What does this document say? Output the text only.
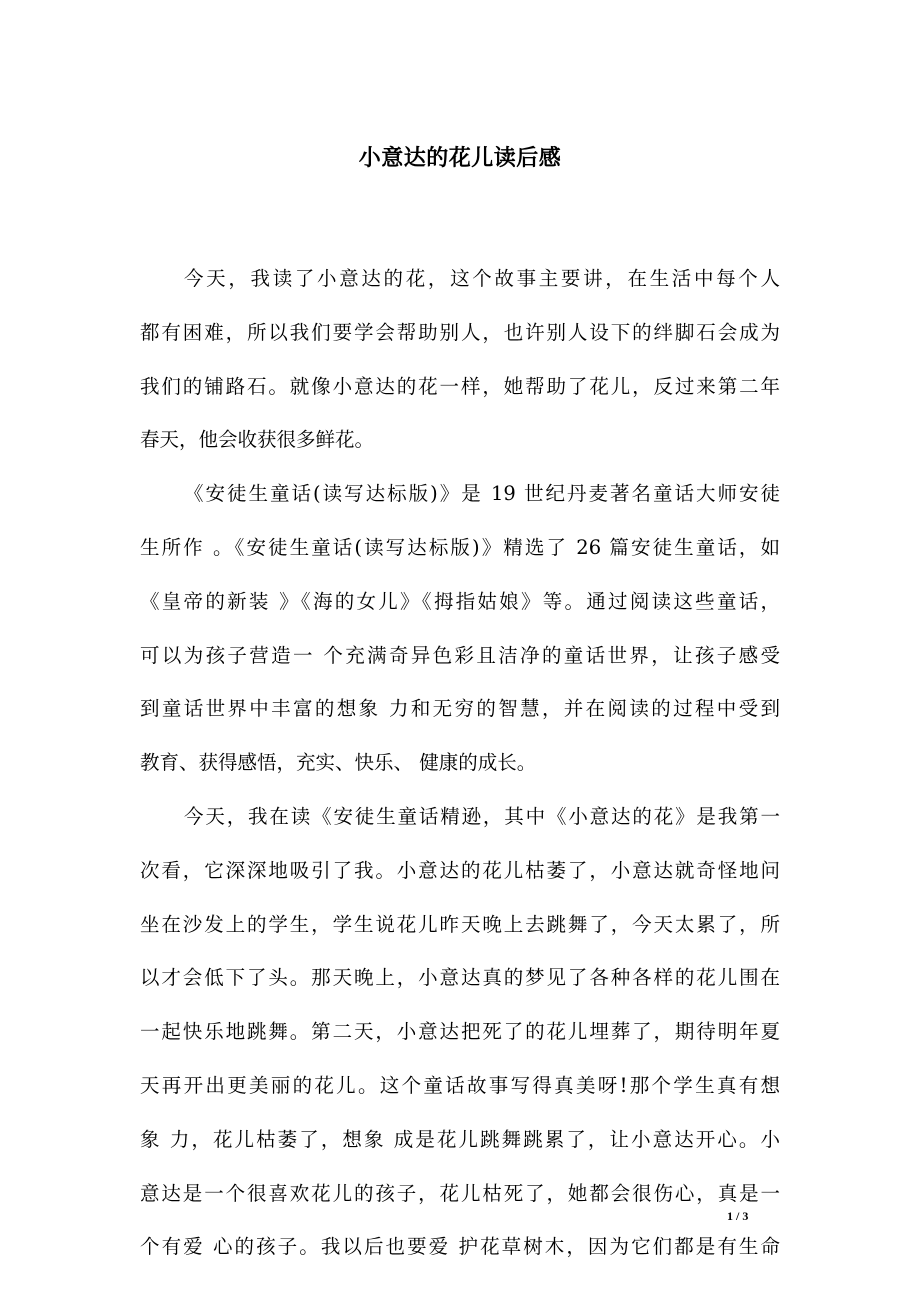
小意达的花儿读后感
今天，我读了小意达的花，这个故事主要讲，在生活中每个人
都有困难，所以我们要学会帮助别人，也许别人设下的绊脚石会成为
我们的铺路石。就像小意达的花一样，她帮助了花儿，反过来第二年
春天，他会收获很多鲜花。
《安徒生童话(读写达标版)》是 19 世纪丹麦著名童话大师安徒
生所作 。《安徒生童话(读写达标版)》精选了 26 篇安徒生童话，如
《皇帝的新装 》《海的女儿》《拇指姑娘》等。通过阅读这些童话，
可以为孩子营造一 个充满奇异色彩且洁净的童话世界，让孩子感受
到童话世界中丰富的想象 力和无穷的智慧，并在阅读的过程中受到
教育、获得感悟，充实、快乐、 健康的成长。
今天，我在读《安徒生童话精逊，其中《小意达的花》是我第一
次看，它深深地吸引了我。小意达的花儿枯萎了，小意达就奇怪地问
坐在沙发上的学生，学生说花儿昨天晚上去跳舞了，今天太累了，所
以才会低下了头。那天晚上，小意达真的梦见了各种各样的花儿围在
一起快乐地跳舞。第二天，小意达把死了的花儿埋葬了，期待明年夏
天再开出更美丽的花儿。这个童话故事写得真美呀!那个学生真有想
象 力，花儿枯萎了，想象 成是花儿跳舞跳累了，让小意达开心。小
意达是一个很喜欢花儿的孩子，花儿枯死了，她都会很伤心，真是一
个有爱 心的孩子。我以后也要爱 护花草树木，因为它们都是有生命
1 / 3
